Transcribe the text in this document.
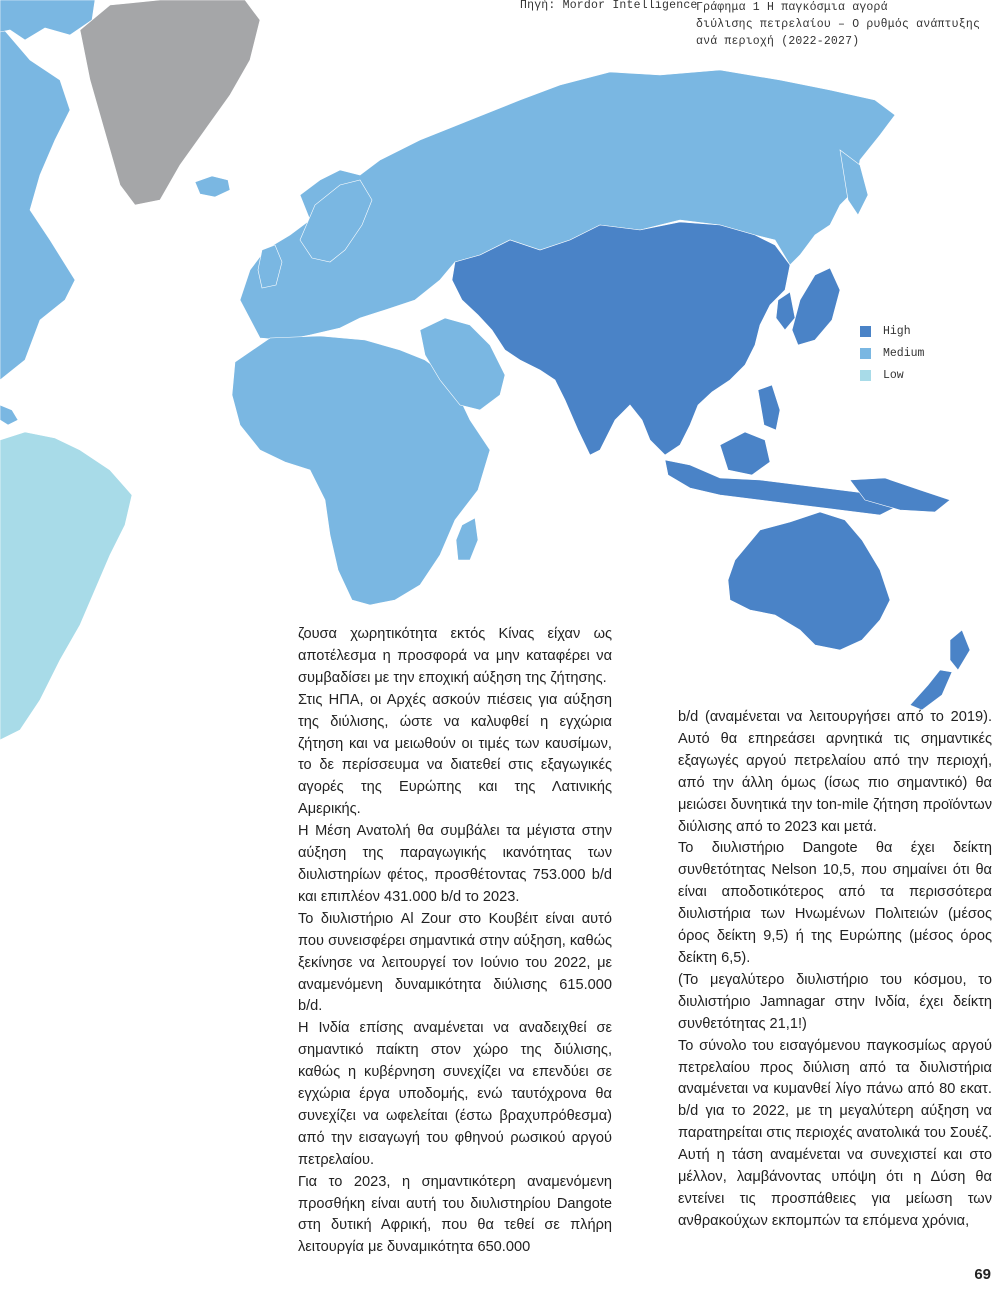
Πηγή: Mordor Intelligence
Γράφημα 1 Η παγκόσμια αγορά
διύλισης πετρελαίου – Ο ρυθμός ανάπτυξης
ανά περιοχή (2022-2027)
High
Medium
Low

ζουσα χωρητικότητα εκτός Κίνας είχαν ως αποτέλεσμα η προσφορά να μην καταφέρει να συμβαδίσει με την εποχική αύξηση της ζήτησης.

Στις ΗΠΑ, οι Αρχές ασκούν πιέσεις για αύξηση της διύλισης, ώστε να καλυφθεί η εγχώρια ζήτηση και να μειωθούν οι τιμές των καυσίμων, το δε περίσσευμα να διατεθεί στις εξαγωγικές αγορές της Ευρώπης και της Λατινικής Αμερικής.

Η Μέση Ανατολή θα συμβάλει τα μέγιστα στην αύξηση της παραγωγικής ικανότητας των διυλιστηρίων φέτος, προσθέτοντας 753.000 b/d και επιπλέον 431.000 b/d το 2023.

Το διυλιστήριο Al Zour στο Κουβέιτ είναι αυτό που συνεισφέρει σημαντικά στην αύξηση, καθώς ξεκίνησε να λειτουργεί τον Ιούνιο του 2022, με αναμενόμενη δυναμικότητα διύλισης 615.000 b/d.

Η Ινδία επίσης αναμένεται να αναδειχθεί σε σημαντικό παίκτη στον χώρο της διύλισης, καθώς η κυβέρνηση συνεχίζει να επενδύει σε εγχώρια έργα υποδομής, ενώ ταυτόχρονα θα συνεχίζει να ωφελείται (έστω βραχυπρόθεσμα) από την εισαγωγή του φθηνού ρωσικού αργού πετρελαίου.

Για το 2023, η σημαντικότερη αναμενόμενη προσθήκη είναι αυτή του διυλιστηρίου Dangote στη δυτική Αφρική, που θα τεθεί σε πλήρη λειτουργία με δυναμικότητα 650.000

b/d (αναμένεται να λειτουργήσει από το 2019). Αυτό θα επηρεάσει αρνητικά τις σημαντικές εξαγωγές αργού πετρελαίου από την περιοχή, από την άλλη όμως (ίσως πιο σημαντικό) θα μειώσει δυνητικά την ton-mile ζήτηση προϊόντων διύλισης από το 2023 και μετά.

Το διυλιστήριο Dangote θα έχει δείκτη συνθετότητας Nelson 10,5, που σημαίνει ότι θα είναι αποδοτικότερος από τα περισσότερα διυλιστήρια των Ηνωμένων Πολιτειών (μέσος όρος δείκτη 9,5) ή της Ευρώπης (μέσος όρος δείκτη 6,5).

(Το μεγαλύτερο διυλιστήριο του κόσμου, το διυλιστήριο Jamnagar στην Ινδία, έχει δείκτη συνθετότητας 21,1!)

Το σύνολο του εισαγόμενου παγκοσμίως αργού πετρελαίου προς διύλιση από τα διυλιστήρια αναμένεται να κυμανθεί λίγο πάνω από 80 εκατ. b/d για το 2022, με τη μεγαλύτερη αύξηση να παρατηρείται στις περιοχές ανατολικά του Σουέζ.

Αυτή η τάση αναμένεται να συνεχιστεί και στο μέλλον, λαμβάνοντας υπόψη ότι η Δύση θα εντείνει τις προσπάθειες για μείωση των ανθρακούχων εκπομπών τα επόμενα χρόνια,

69
